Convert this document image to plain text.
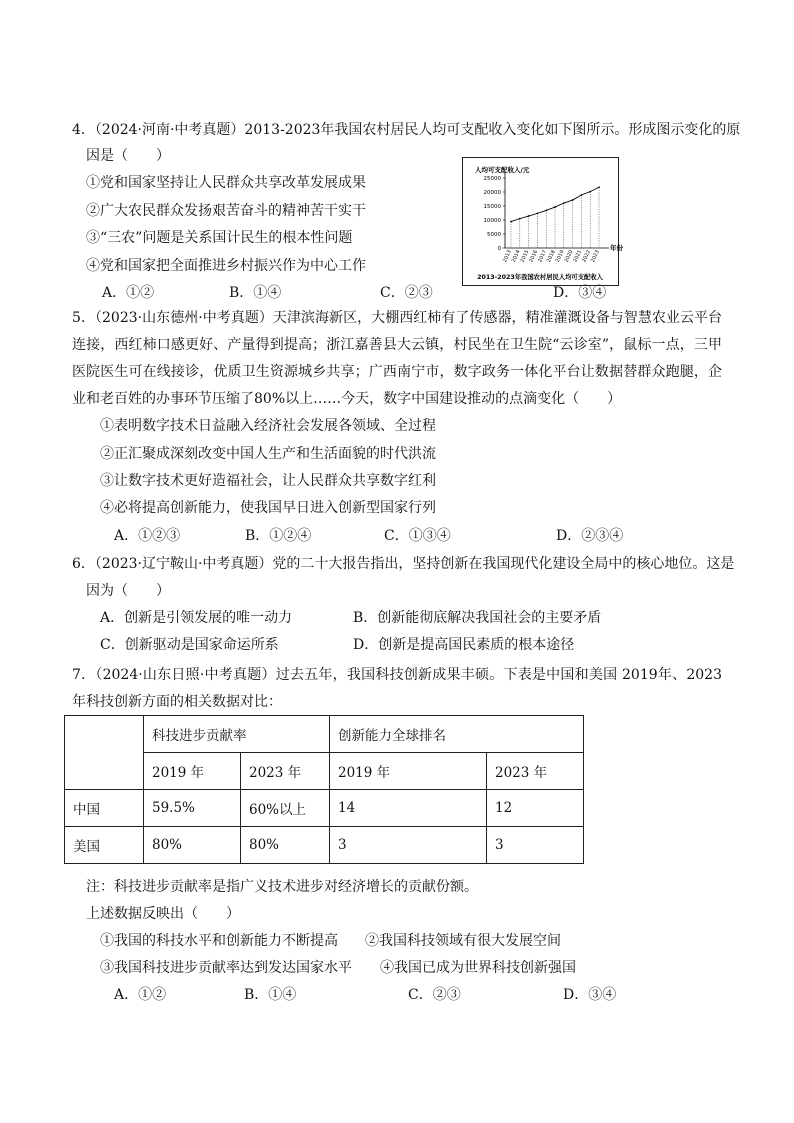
4．（2024·河南·中考真题）2013-2023年我国农村居民人均可支配收入变化如下图所示。形成图示变化的原
因是（　　）
①党和国家坚持让人民群众共享改革发展成果
②广大农民群众发扬艰苦奋斗的精神苦干实干
③“三农”问题是关系国计民生的根本性问题
④党和国家把全面推进乡村振兴作为中心工作
A．①②	B．①④	C．②③	D．③④
人均可支配收入/元
25000
20000
15000
10000
5000
0
2013
2014
2015
2016
2017
2018
2019
2020
2021
2022
2023
年份
2013-2023年我国农村居民人均可支配收入
5．（2023·山东德州·中考真题）天津滨海新区，大棚西红柿有了传感器，精准灌溉设备与智慧农业云平台连接，西红柿口感更好、产量得到提高；浙江嘉善县大云镇，村民坐在卫生院“云诊室”，鼠标一点，三甲医院医生可在线接诊，优质卫生资源城乡共享；广西南宁市，数字政务一体化平台让数据替群众跑腿，企业和老百姓的办事环节压缩了80%以上……今天，数字中国建设推动的点滴变化（　　）
①表明数字技术日益融入经济社会发展各领域、全过程
②正汇聚成深刻改变中国人生产和生活面貌的时代洪流
③让数字技术更好造福社会，让人民群众共享数字红利
④必将提高创新能力，使我国早日进入创新型国家行列
A．①②③	B．①②④	C．①③④	D．②③④
6．（2023·辽宁鞍山·中考真题）党的二十大报告指出，坚持创新在我国现代化建设全局中的核心地位。这是
因为（　　）
A．创新是引领发展的唯一动力	B．创新能彻底解决我国社会的主要矛盾
C．创新驱动是国家命运所系	D．创新是提高国民素质的根本途径
7．（2024·山东日照·中考真题）过去五年，我国科技创新成果丰硕。下表是中国和美国 2019年、2023年科技创新方面的相关数据对比：
	科技进步贡献率		创新能力全球排名	
	2019 年	2023 年	2019 年	2023 年
中国	59.5%	60%以上	14	12
美国	80%	80%	3	3
注：科技进步贡献率是指广义技术进步对经济增长的贡献份额。
上述数据反映出（　　）
①我国的科技水平和创新能力不断提高 ②我国科技领域有很大发展空间
③我国科技进步贡献率达到发达国家水平 ④我国已成为世界科技创新强国
A．①②	B．①④	C．②③	D．③④
